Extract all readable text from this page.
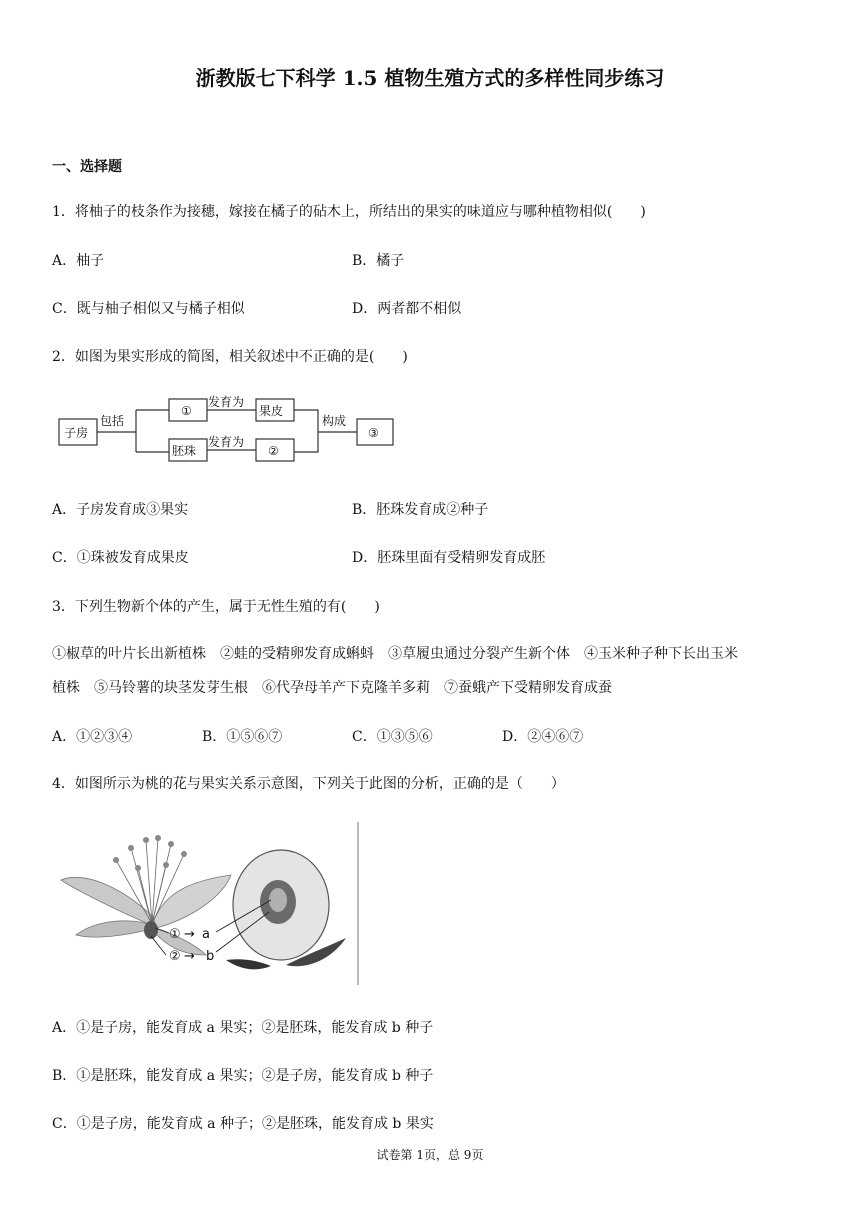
浙教版七下科学 1.5 植物生殖方式的多样性同步练习
一、选择题
1．将柚子的枝条作为接穗，嫁接在橘子的砧木上，所结出的果实的味道应与哪种植物相似(　　)
A．柚子	B．橘子
C．既与柚子相似又与橘子相似	D．两者都不相似
2．如图为果实形成的简图，相关叙述中不正确的是(　　)
子房
包括
①
发育为
果皮
胚珠
发育为
②
构成
③
A．子房发育成③果实	B．胚珠发育成②种子
C．①珠被发育成果皮	D．胚珠里面有受精卵发育成胚
3．下列生物新个体的产生，属于无性生殖的有(　　)
①椒草的叶片长出新植株　②蛙的受精卵发育成蝌蚪　③草履虫通过分裂产生新个体　④玉米种子种下长出玉米
植株　⑤马铃薯的块茎发芽生根　⑥代孕母羊产下克隆羊多莉　⑦蚕蛾产下受精卵发育成蚕
A．①②③④	B．①⑤⑥⑦	C．①③⑤⑥	D．②④⑥⑦
4．如图所示为桃的花与果实关系示意图，下列关于此图的分析，正确的是（　　）
① → a
② → b
A．①是子房，能发育成 a 果实；②是胚珠，能发育成 b 种子
B．①是胚珠，能发育成 a 果实；②是子房，能发育成 b 种子
C．①是子房，能发育成 a 种子；②是胚珠，能发育成 b 果实
试卷第 1页，总 9页
